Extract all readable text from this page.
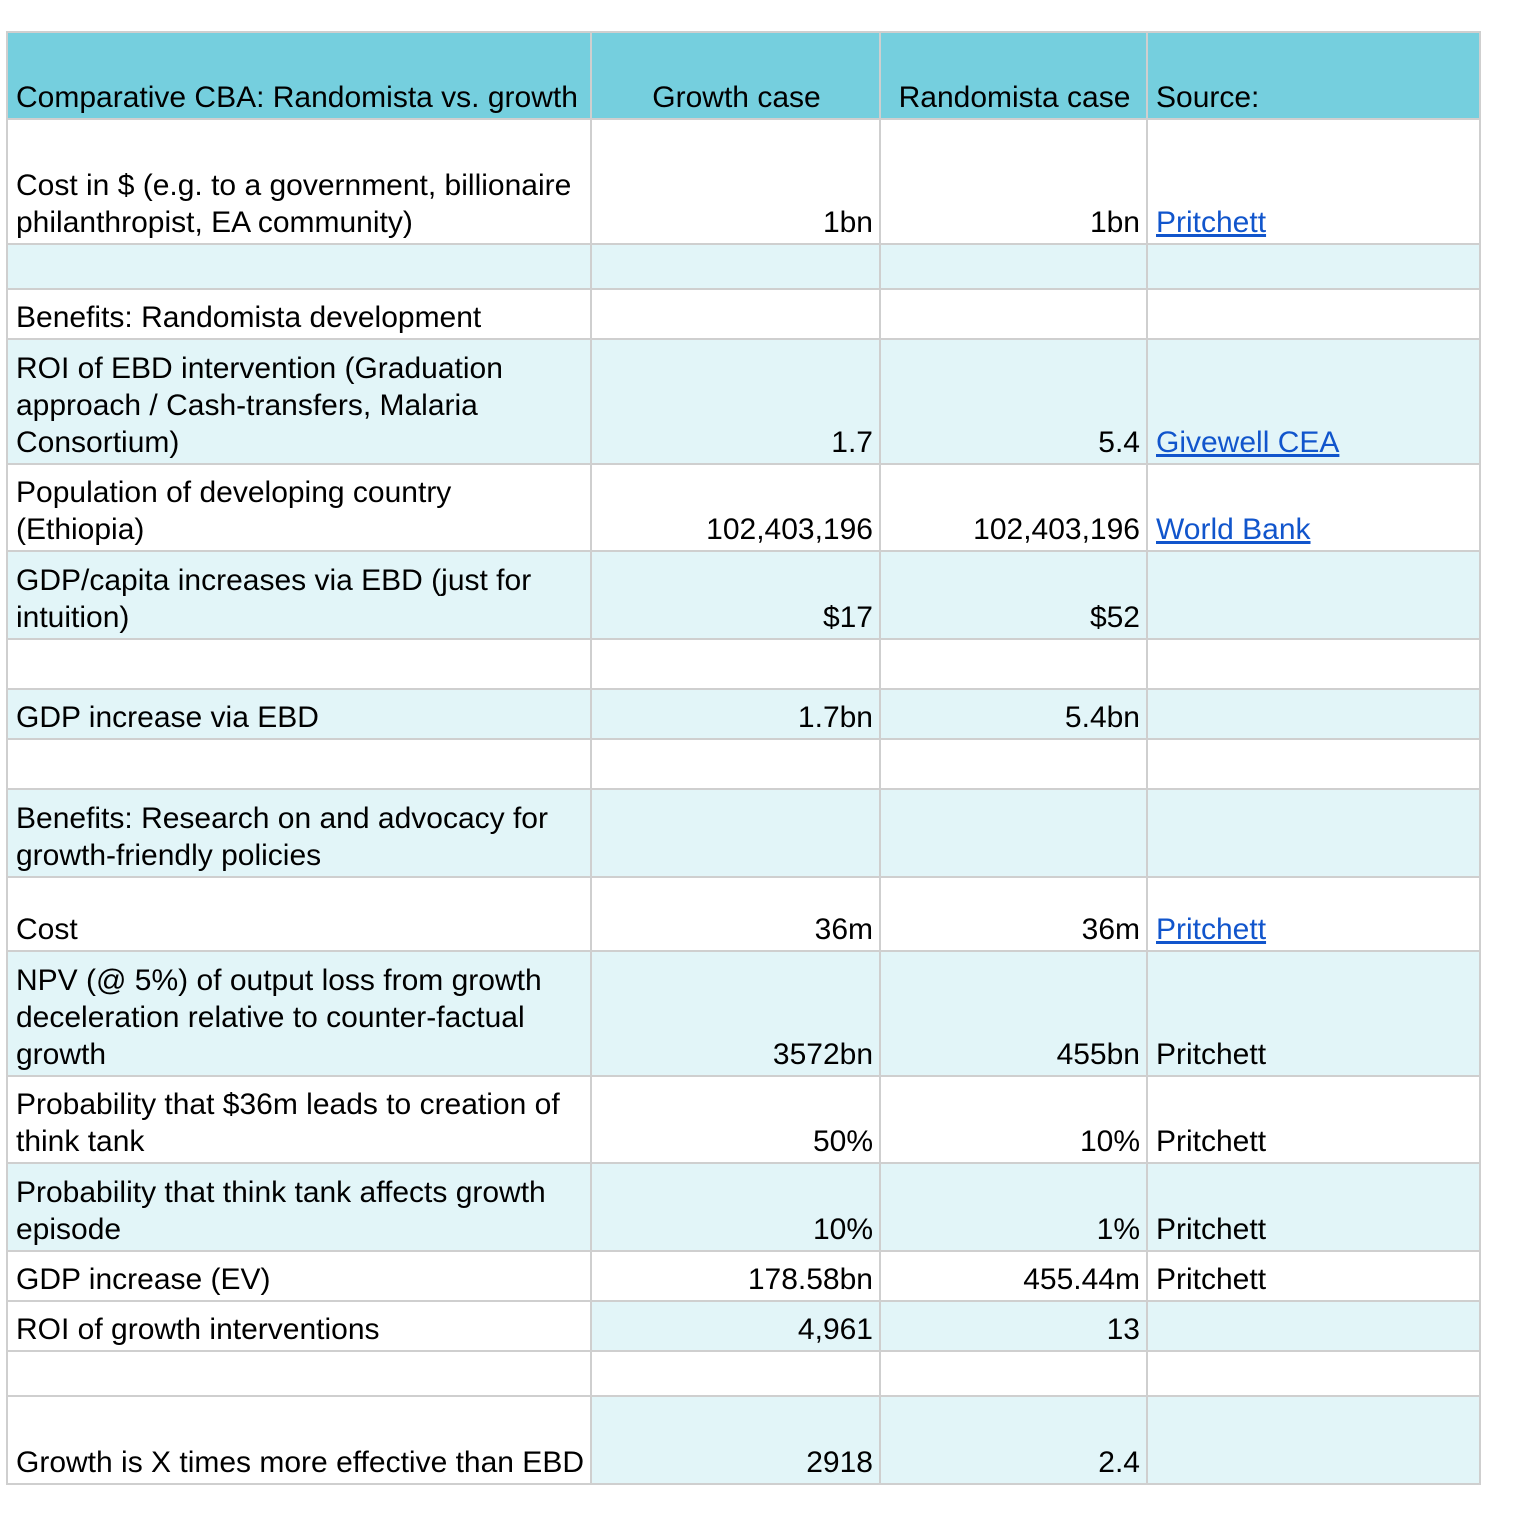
Comparative CBA: Randomista vs. growth	Growth case	Randomista case	Source:
Cost in $ (e.g. to a government, billionaire philanthropist, EA community)	1bn	1bn	Pritchett

Benefits: Randomista development			
ROI of EBD intervention (Graduation approach / Cash-transfers, Malaria Consortium)	1.7	5.4	Givewell CEA
Population of developing country (Ethiopia)	102,403,196	102,403,196	World Bank
GDP/capita increases via EBD (just for intuition)	$17	$52	

GDP increase via EBD	1.7bn	5.4bn	

Benefits: Research on and advocacy for growth-friendly policies			
Cost	36m	36m	Pritchett
NPV (@ 5%) of output loss from growth deceleration relative to counter-factual growth	3572bn	455bn	Pritchett
Probability that $36m leads to creation of think tank	50%	10%	Pritchett
Probability that think tank affects growth episode	10%	1%	Pritchett
GDP increase (EV)	178.58bn	455.44m	Pritchett
ROI of growth interventions	4,961	13	

Growth is X times more effective than EBD	2918	2.4	
